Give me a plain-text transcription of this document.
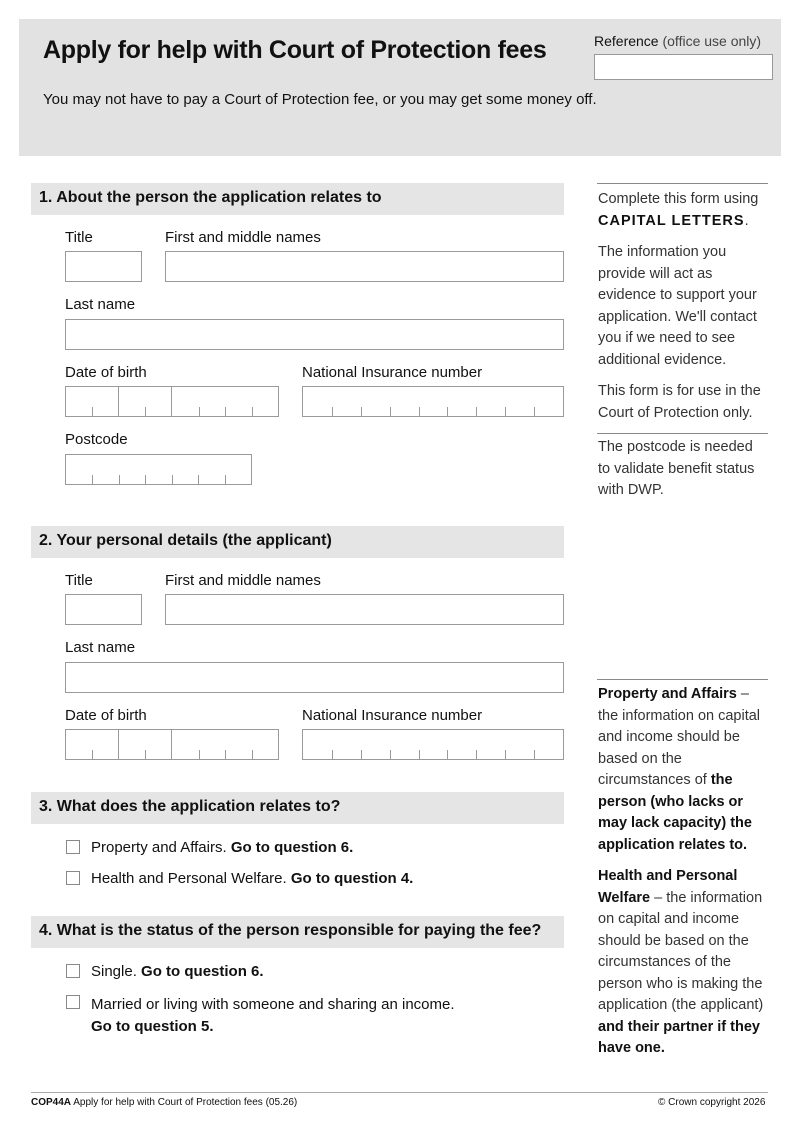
Apply for help with Court of Protection fees
You may not have to pay a Court of Protection fee, or you may get some money off.
Reference (office use only)
1. About the person the application relates to
Title	First and middle names
Last name
Date of birth	National Insurance number
Postcode
2. Your personal details (the applicant)
Title	First and middle names
Last name
Date of birth	National Insurance number
3. What does the application relates to?
Property and Affairs. Go to question 6.
Health and Personal Welfare. Go to question 4.
4. What is the status of the person responsible for paying the fee?
Single. Go to question 6.
Married or living with someone and sharing an income.
Go to question 5.

Complete this form using
CAPITAL LETTERS.

The information you provide will act as evidence to support your application. We'll contact you if we need to see additional evidence.

This form is for use in the Court of Protection only.

The postcode is needed to validate benefit status with DWP.

Property and Affairs – the information on capital and income should be based on the circumstances of the person (who lacks or may lack capacity) the application relates to.

Health and Personal Welfare – the information on capital and income should be based on the circumstances of the person who is making the application (the applicant) and their partner if they have one.

COP44A Apply for help with Court of Protection fees (05.26)	© Crown copyright 2026
